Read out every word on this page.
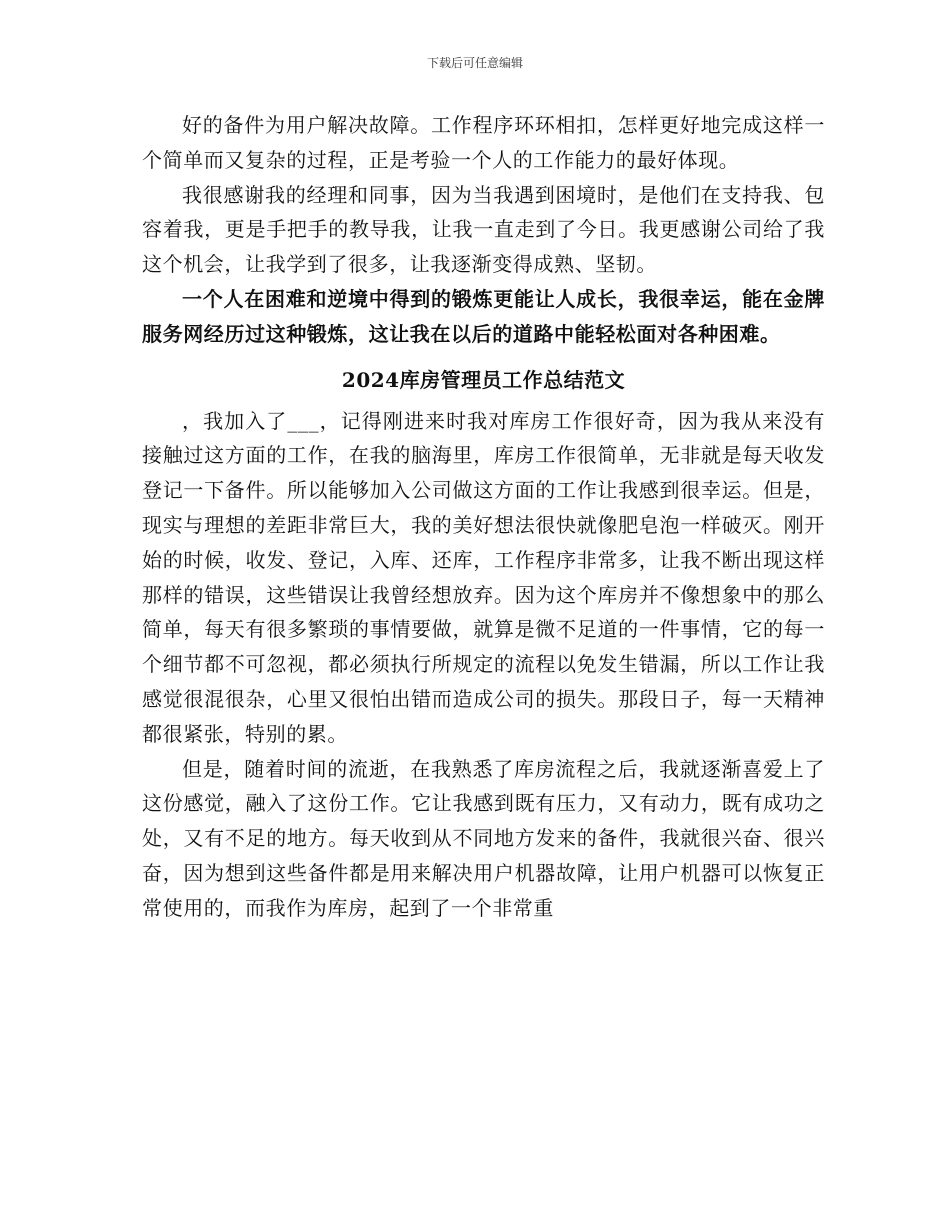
下载后可任意编辑

好的备件为用户解决故障。工作程序环环相扣，怎样更好地完成这样一个简单而又复杂的过程，正是考验一个人的工作能力的最好体现。

我很感谢我的经理和同事，因为当我遇到困境时，是他们在支持我、包容着我，更是手把手的教导我，让我一直走到了今日。我更感谢公司给了我这个机会，让我学到了很多，让我逐渐变得成熟、坚韧。

一个人在困难和逆境中得到的锻炼更能让人成长，我很幸运，能在金牌服务网经历过这种锻炼，这让我在以后的道路中能轻松面对各种困难。

2024库房管理员工作总结范文

，我加入了___，记得刚进来时我对库房工作很好奇，因为我从来没有接触过这方面的工作，在我的脑海里，库房工作很简单，无非就是每天收发登记一下备件。所以能够加入公司做这方面的工作让我感到很幸运。但是，现实与理想的差距非常巨大，我的美好想法很快就像肥皂泡一样破灭。刚开始的时候，收发、登记，入库、还库，工作程序非常多，让我不断出现这样那样的错误，这些错误让我曾经想放弃。因为这个库房并不像想象中的那么简单，每天有很多繁琐的事情要做，就算是微不足道的一件事情，它的每一个细节都不可忽视，都必须执行所规定的流程以免发生错漏，所以工作让我感觉很混很杂，心里又很怕出错而造成公司的损失。那段日子，每一天精神都很紧张，特别的累。

但是，随着时间的流逝，在我熟悉了库房流程之后，我就逐渐喜爱上了这份感觉，融入了这份工作。它让我感到既有压力，又有动力，既有成功之处，又有不足的地方。每天收到从不同地方发来的备件，我就很兴奋、很兴奋，因为想到这些备件都是用来解决用户机器故障，让用户机器可以恢复正常使用的，而我作为库房，起到了一个非常重
